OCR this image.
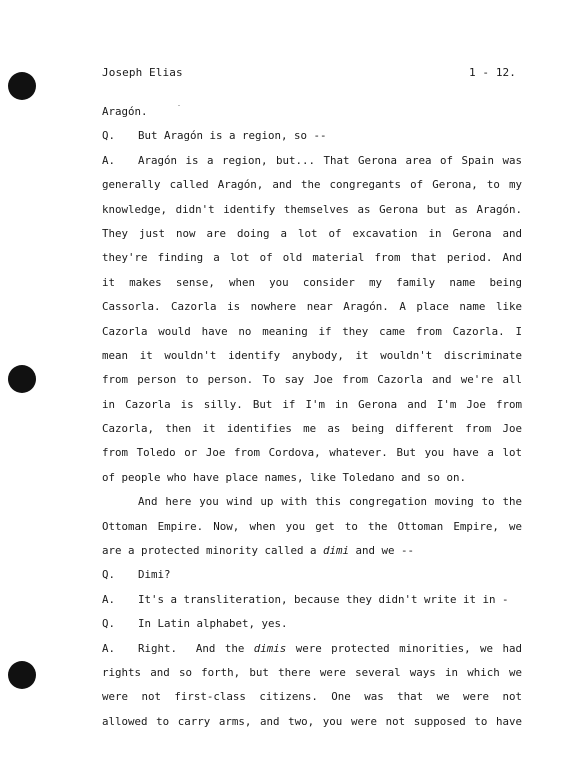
Joseph Elias	1 - 12.
Aragón.
Q.	But Aragón is a region, so --
A.	Aragón is a region, but... That Gerona area of Spain was
generally called Aragón, and the congregants of Gerona, to my
knowledge, didn't identify themselves as Gerona but as Aragón.
They just now are doing a lot of excavation in Gerona and
they're finding a lot of old material from that period. And
it makes sense, when you consider my family name being
Cassorla. Cazorla is nowhere near Aragón. A place name like
Cazorla would have no meaning if they came from Cazorla. I
mean it wouldn't identify anybody, it wouldn't discriminate
from person to person. To say Joe from Cazorla and we're all
in Cazorla is silly. But if I'm in Gerona and I'm Joe from
Cazorla, then it identifies me as being different from Joe
from Toledo or Joe from Cordova, whatever. But you have a lot
of people who have place names, like Toledano and so on.
And here you wind up with this congregation moving to the
Ottoman Empire. Now, when you get to the Ottoman Empire, we
are a protected minority called a dimi and we --
Q.	Dimi?
A.	It's a transliteration, because they didn't write it in -
Q.	In Latin alphabet, yes.
A.	Right.  And the dimis were protected minorities, we had
rights and so forth, but there were several ways in which we
were not first-class citizens. One was that we were not
allowed to carry arms, and two, you were not supposed to have
